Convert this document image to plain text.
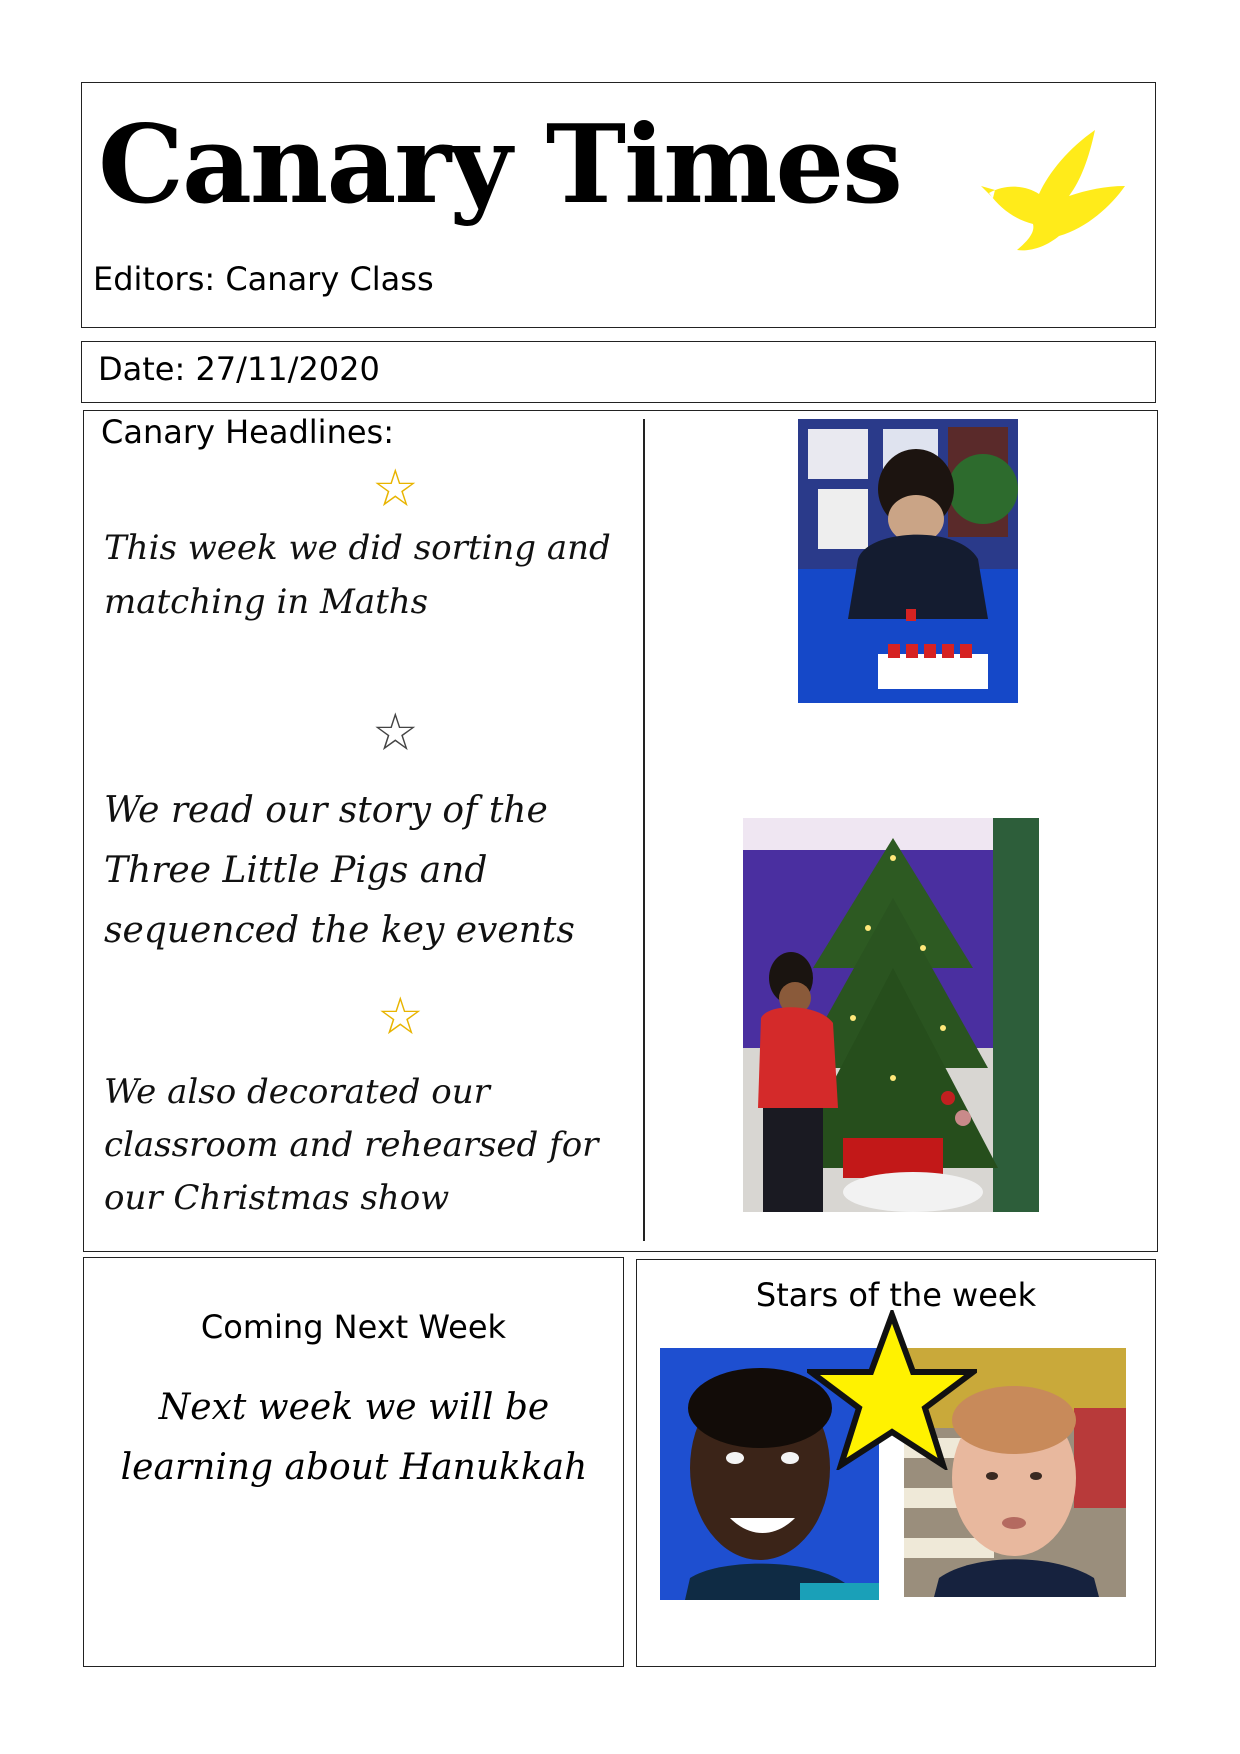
Canary Times
Editors: Canary Class
Date: 27/11/2020
Canary Headlines:
☆
This week we did sorting and matching in Maths
☆
We read our story of the Three Little Pigs and sequenced the key events
☆
We also decorated our classroom and rehearsed for our Christmas show
Coming Next Week
Next week we will be learning about Hanukkah
Stars of the week
